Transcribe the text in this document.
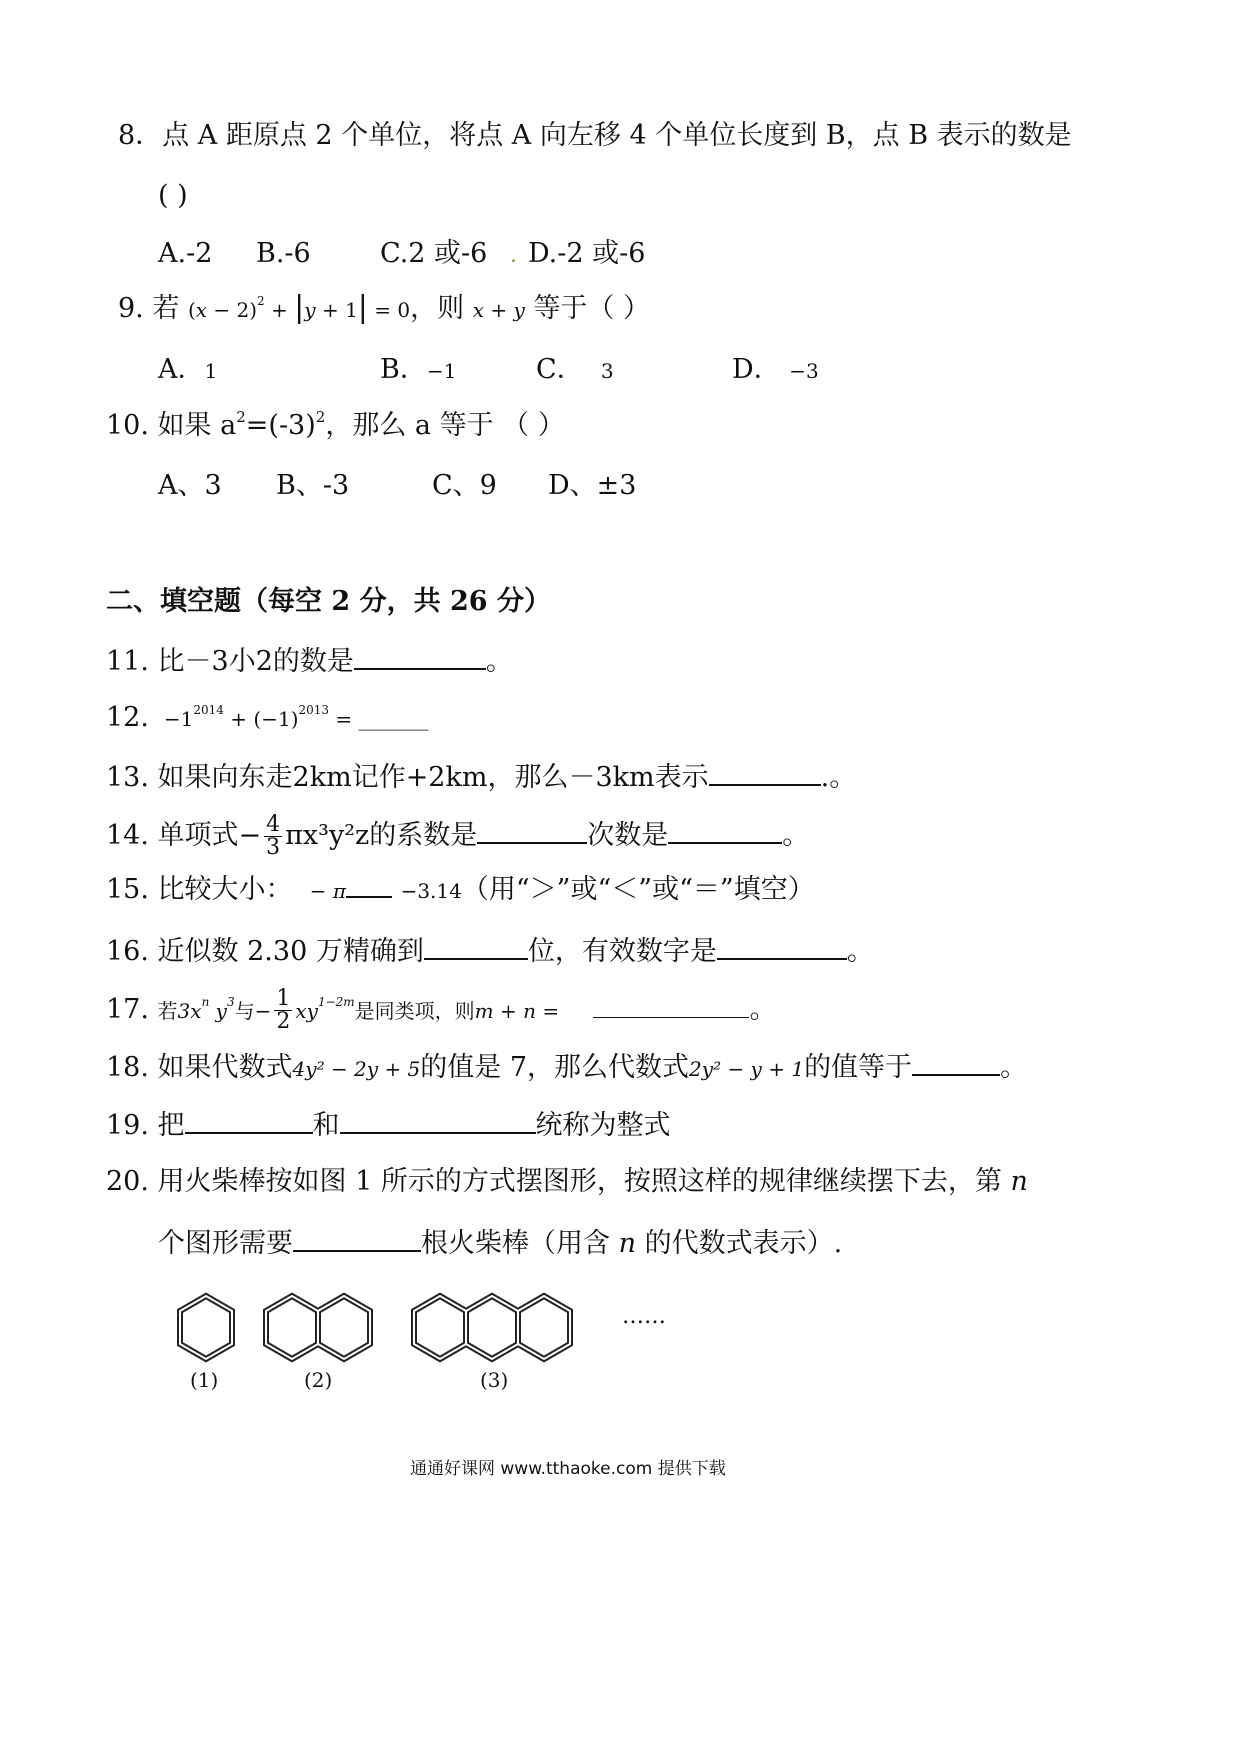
8．点 A 距原点 2 个单位，将点 A 向左移 4 个单位长度到 B，点 B 表示的数是
( )
A.-2 B.-6	C.2 或-6 . D.-2 或-6
9. 若 $(x - 2)^2 + |y + 1| = 0$，则 x + y 等于（ ）
A．1	B．−1	C． 3	D． −3
10. 如果 $a^2=(-3)^2$，那么 a 等于 （ ）
A、3 B、-3	C、9 D、±3
二、填空题（每空 2 分，共 26 分）
11. 比－3小2的数是	。
12.  $-1^{2014} + (-1)^{2013}$ = _______
13. 如果向东走2km记作+2km，那么－3km表示	.。
14. 单项式− $\frac{4}{3} \pi x^3y^2z$的系数是	次数是	。
15. 比较大小： − π	−3.14（用“＞”或“＜”或“＝”填空）
16. 近似数 2.30 万精确到	位，有效数字是	。
17. 若$3x^n$ $y^3$与− $\frac{1}{2} xy^{1-2m}$是同类项，则m + n =	。
18. 如果代数式4y² − 2y + 5的值是 7，那么代数式2y² − y + 1的值等于	。
19. 把	和	统称为整式
20. 用火柴棒按如图 1 所示的方式摆图形，按照这样的规律继续摆下去，第 n
个图形需要	根火柴棒（用含 n 的代数式表示）.
……
(1)	(2)	(3)
通通好课网 www.tthaoke.com 提供下载
